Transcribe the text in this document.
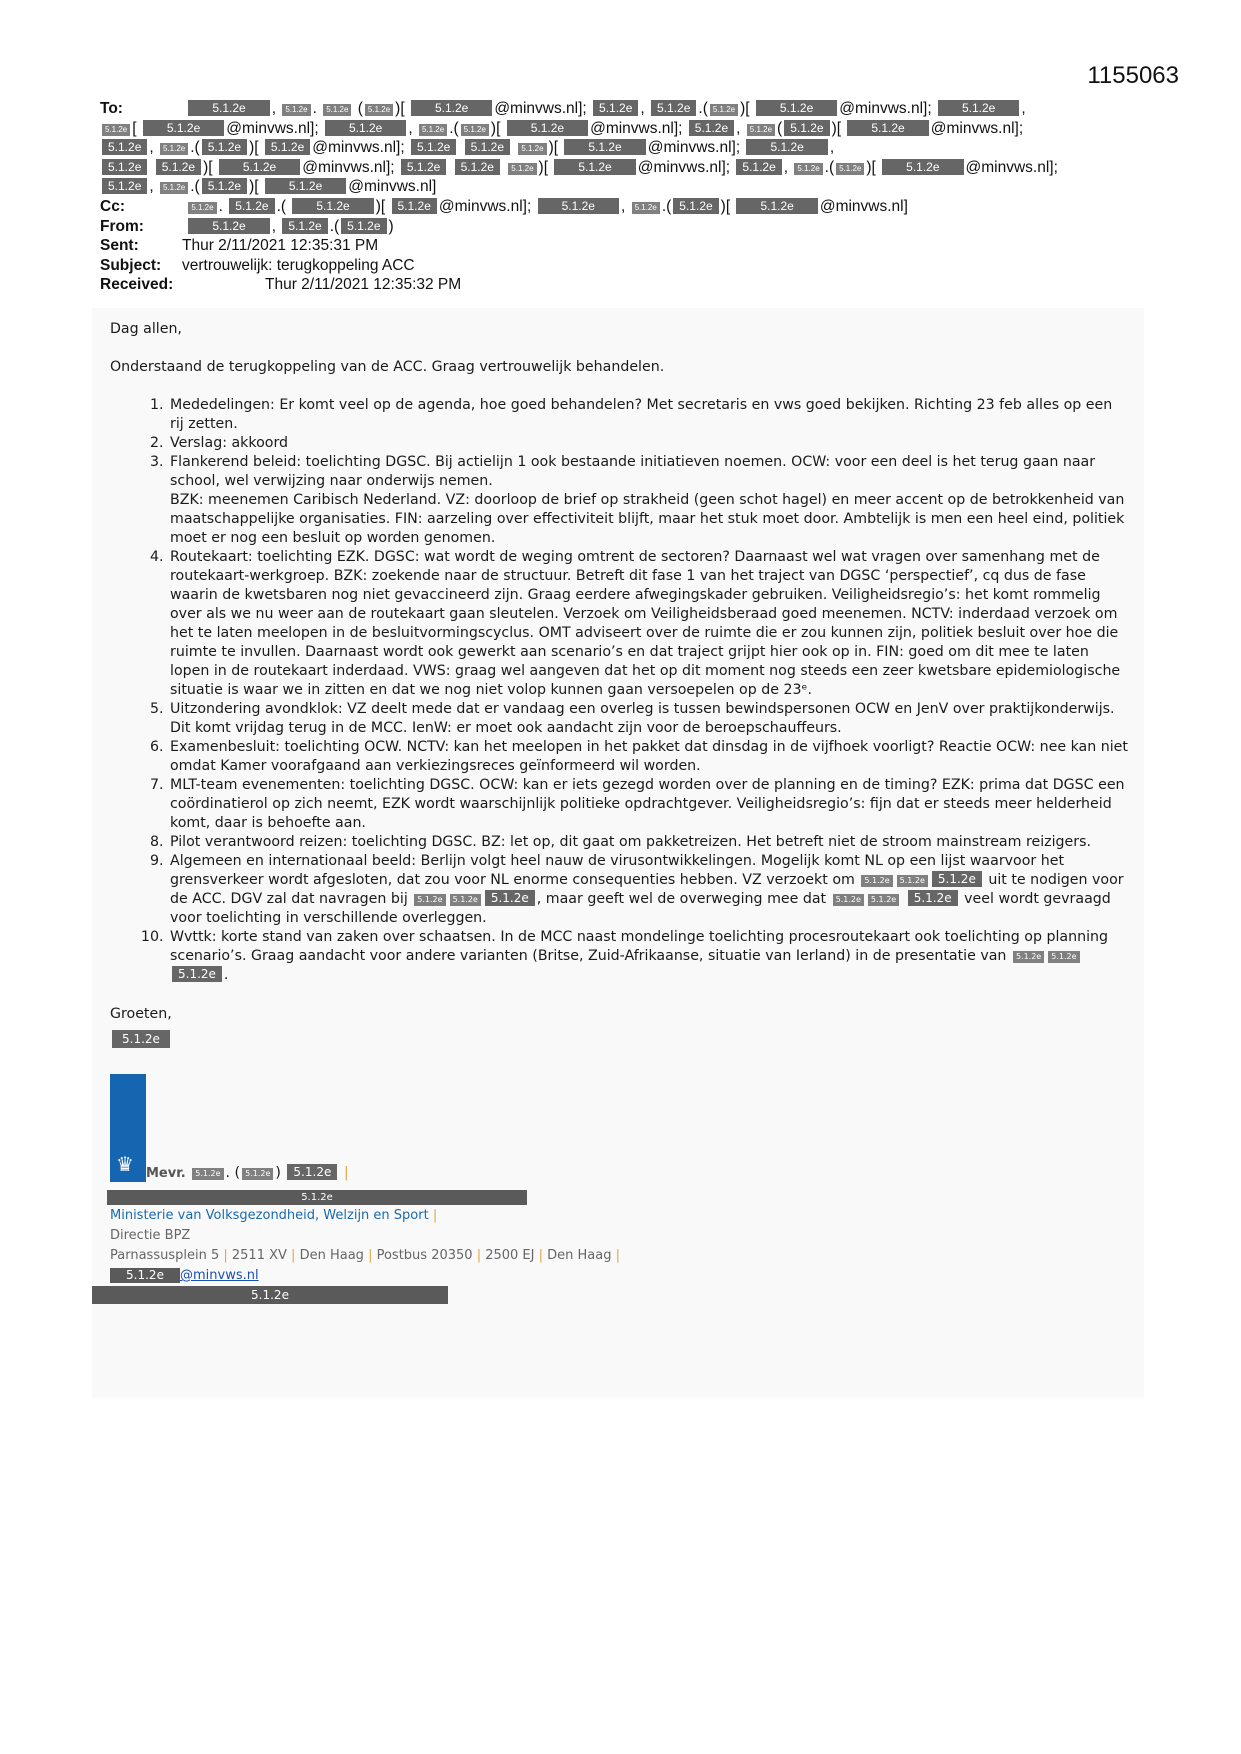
1155063
To:	5.1.2e , 5.1.2e . 5.1.2e ( 5.1.2e )[ 5.1.2e @minvws.nl]; 5.1.2e , 5.1.2e .( 5.1.2e )[ 5.1.2e @minvws.nl];	5.1.2e ,
5.1.2e [ 5.1.2e @minvws.nl];	5.1.2e , 5.1.2e .( 5.1.2e )[ 5.1.2e @minvws.nl]; 5.1.2e , 5.1.2e ( 5.1.2e )[ 5.1.2e @minvws.nl];
5.1.2e , 5.1.2e .( 5.1.2e )[ 5.1.2e @minvws.nl]; 5.1.2e 5.1.2e 5.1.2e )[ 5.1.2e @minvws.nl];	5.1.2e ,
5.1.2e 5.1.2e )[ 5.1.2e @minvws.nl]; 5.1.2e 5.1.2e 5.1.2e )[ 5.1.2e @minvws.nl]; 5.1.2e , 5.1.2e .( 5.1.2e )[ 5.1.2e @minvws.nl];
5.1.2e , 5.1.2e .( 5.1.2e )[ 5.1.2e @minvws.nl]
Cc:	5.1.2e . 5.1.2e .( 5.1.2e )[ 5.1.2e @minvws.nl];	5.1.2e , 5.1.2e .( 5.1.2e )[ 5.1.2e @minvws.nl]
From:	5.1.2e , 5.1.2e .( 5.1.2e )
Sent:	Thur 2/11/2021 12:35:31 PM
Subject: vertrouwelijk: terugkoppeling ACC
Received:	Thur 2/11/2021 12:35:32 PM

Dag allen,

Onderstaand de terugkoppeling van de ACC. Graag vertrouwelijk behandelen.

1. Mededelingen: Er komt veel op de agenda, hoe goed behandelen? Met secretaris en vws goed bekijken. Richting 23 feb alles op een rij zetten.
2. Verslag: akkoord
3. Flankerend beleid: toelichting DGSC. Bij actielijn 1 ook bestaande initiatieven noemen. OCW: voor een deel is het terug gaan naar school, wel verwijzing naar onderwijs nemen.
BZK: meenemen Caribisch Nederland. VZ: doorloop de brief op strakheid (geen schot hagel) en meer accent op de betrokkenheid van maatschappelijke organisaties. FIN: aarzeling over effectiviteit blijft, maar het stuk moet door. Ambtelijk is men een heel eind, politiek moet er nog een besluit op worden genomen.
4. Routekaart: toelichting EZK. DGSC: wat wordt de weging omtrent de sectoren? Daarnaast wel wat vragen over samenhang met de routekaart-werkgroep. BZK: zoekende naar de structuur. Betreft dit fase 1 van het traject van DGSC ‘perspectief’, cq dus de fase waarin de kwetsbaren nog niet gevaccineerd zijn. Graag eerdere afwegingskader gebruiken. Veiligheidsregio’s: het komt rommelig over als we nu weer aan de routekaart gaan sleutelen. Verzoek om Veiligheidsberaad goed meenemen. NCTV: inderdaad verzoek om het te laten meelopen in de besluitvormingscyclus. OMT adviseert over de ruimte die er zou kunnen zijn, politiek besluit over hoe die ruimte te invullen. Daarnaast wordt ook gewerkt aan scenario’s en dat traject grijpt hier ook op in. FIN: goed om dit mee te laten lopen in de routekaart inderdaad. VWS: graag wel aangeven dat het op dit moment nog steeds een zeer kwetsbare epidemiologische situatie is waar we in zitten en dat we nog niet volop kunnen gaan versoepelen op de 23ᵉ.
5. Uitzondering avondklok: VZ deelt mede dat er vandaag een overleg is tussen bewindspersonen OCW en JenV over praktijkonderwijs. Dit komt vrijdag terug in de MCC. IenW: er moet ook aandacht zijn voor de beroepschauffeurs.
6. Examenbesluit: toelichting OCW. NCTV: kan het meelopen in het pakket dat dinsdag in de vijfhoek voorligt? Reactie OCW: nee kan niet omdat Kamer voorafgaand aan verkiezingsreces geïnformeerd wil worden.
7. MLT-team evenementen: toelichting DGSC. OCW: kan er iets gezegd worden over de planning en de timing? EZK: prima dat DGSC een coördinatierol op zich neemt, EZK wordt waarschijnlijk politieke opdrachtgever. Veiligheidsregio’s: fijn dat er steeds meer helderheid komt, daar is behoefte aan.
8. Pilot verantwoord reizen: toelichting DGSC. BZ: let op, dit gaat om pakketreizen. Het betreft niet de stroom mainstream reizigers.
9. Algemeen en internationaal beeld: Berlijn volgt heel nauw de virusontwikkelingen. Mogelijk komt NL op een lijst waarvoor het grensverkeer wordt afgesloten, dat zou voor NL enorme consequenties hebben. VZ verzoekt om 5.1.2e 5.1.2e 5.1.2e uit te nodigen voor de ACC. DGV zal dat navragen bij 5.1.2e 5.1.2e 5.1.2e , maar geeft wel de overweging mee dat 5.1.2e 5.1.2e 5.1.2e veel wordt gevraagd voor toelichting in verschillende overleggen.
10. Wvttk: korte stand van zaken over schaatsen. In de MCC naast mondelinge toelichting procesroutekaart ook toelichting op planning scenario’s. Graag aandacht voor andere varianten (Britse, Zuid-Afrikaanse, situatie van Ierland) in de presentatie van 5.1.2e 5.1.2e5.1.2e .
Groeten,
5.1.2e
♛ Mevr. 5.1.2e . ( 5.1.2e ) 5.1.2e |
5.1.2e
Ministerie van Volksgezondheid, Welzijn en Sport |
Directie BPZ
Parnassusplein 5 | 2511 XV | Den Haag | Postbus 20350 | 2500 EJ | Den Haag |
5.1.2e @minvws.nl
5.1.2e
